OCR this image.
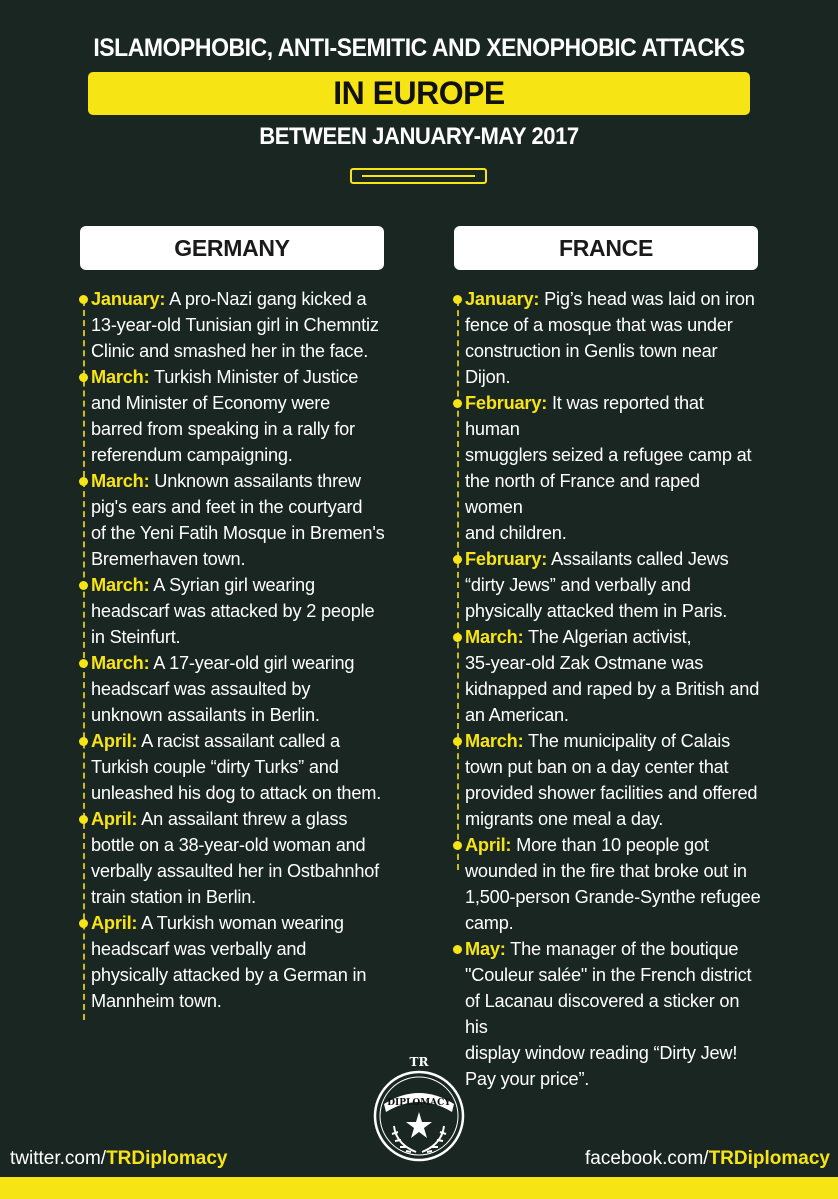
ISLAMOPHOBIC, ANTI-SEMITIC AND XENOPHOBIC ATTACKS
IN EUROPE
BETWEEN JANUARY-MAY 2017
GERMANY	FRANCE
January: A pro-Nazi gang kicked a
13-year-old Tunisian girl in Chemntiz
Clinic and smashed her in the face.
March: Turkish Minister of Justice
and Minister of Economy were
barred from speaking in a rally for
referendum campaigning.
March: Unknown assailants threw
pig's ears and feet in the courtyard
of the Yeni Fatih Mosque in Bremen's
Bremerhaven town.
March: A Syrian girl wearing
headscarf was attacked by 2 people
in Steinfurt.
March: A 17-year-old girl wearing
headscarf was assaulted by
unknown assailants in Berlin.
April: A racist assailant called a
Turkish couple “dirty Turks” and
unleashed his dog to attack on them.
April: An assailant threw a glass
bottle on a 38-year-old woman and
verbally assaulted her in Ostbahnhof
train station in Berlin.
April: A Turkish woman wearing
headscarf was verbally and
physically attacked by a German in
Mannheim town.
January: Pig’s head was laid on iron
fence of a mosque that was under
construction in Genlis town near Dijon.
February: It was reported that human
smugglers seized a refugee camp at
the north of France and raped women
and children.
February: Assailants called Jews
“dirty Jews” and verbally and
physically attacked them in Paris.
March: The Algerian activist,
35-year-old Zak Ostmane was
kidnapped and raped by a British and
an American.
March: The municipality of Calais
town put ban on a day center that
provided shower facilities and offered
migrants one meal a day.
April: More than 10 people got
wounded in the fire that broke out in
1,500-person Grande-Synthe refugee
camp.
May: The manager of the boutique
"Couleur salée" in the French district
of Lacanau discovered a sticker on his
display window reading “Dirty Jew!
Pay your price”.
TR
DIPLOMACY
twitter.com/TRDiplomacy	facebook.com/TRDiplomacy
